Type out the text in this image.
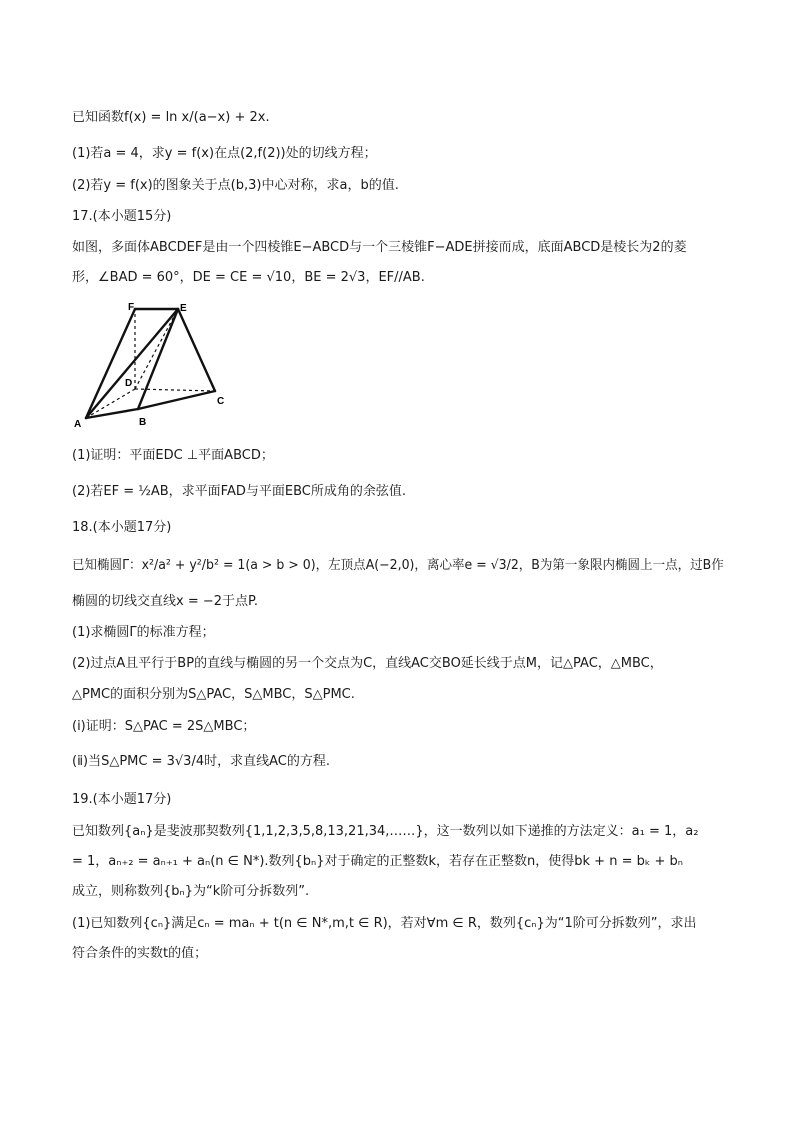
已知函数f(x) = ln x/(a−x) + 2x.
(1)若a = 4，求y = f(x)在点(2,f(2))处的切线方程；
(2)若y = f(x)的图象关于点(b,3)中心对称，求a，b的值.
17.(本小题15分)
如图，多面体ABCDEF是由一个四棱锥E−ABCD与一个三棱锥F−ADE拼接而成，底面ABCD是棱长为2的菱
形，∠BAD = 60°，DE = CE = √10，BE = 2√3，EF//AB.
F	E
D
C
A	B
(1)证明：平面EDC ⊥平面ABCD；
(2)若EF = ½AB，求平面FAD与平面EBC所成角的余弦值.
18.(本小题17分)
已知椭圆Γ：x²/a² + y²/b² = 1(a > b > 0)，左顶点A(−2,0)，离心率e = √3/2，B为第一象限内椭圆上一点，过B作
椭圆的切线交直线x = −2于点P.
(1)求椭圆Γ的标准方程；
(2)过点A且平行于BP的直线与椭圆的另一个交点为C，直线AC交BO延长线于点M，记△PAC，△MBC，
△PMC的面积分别为S△PAC，S△MBC，S△PMC.
(ⅰ)证明：S△PAC = 2S△MBC；
(ⅱ)当S△PMC = 3√3/4时，求直线AC的方程.
19.(本小题17分)
已知数列{aₙ}是斐波那契数列{1,1,2,3,5,8,13,21,34,……}，这一数列以如下递推的方法定义：a₁ = 1，a₂
= 1，aₙ₊₂ = aₙ₊₁ + aₙ(n ∈ N*).数列{bₙ}对于确定的正整数k，若存在正整数n，使得bk + n = bₖ + bₙ
成立，则称数列{bₙ}为“k阶可分拆数列”.
(1)已知数列{cₙ}满足cₙ = maₙ + t(n ∈ N*,m,t ∈ R)，若对∀m ∈ R，数列{cₙ}为“1阶可分拆数列”，求出
符合条件的实数t的值；
